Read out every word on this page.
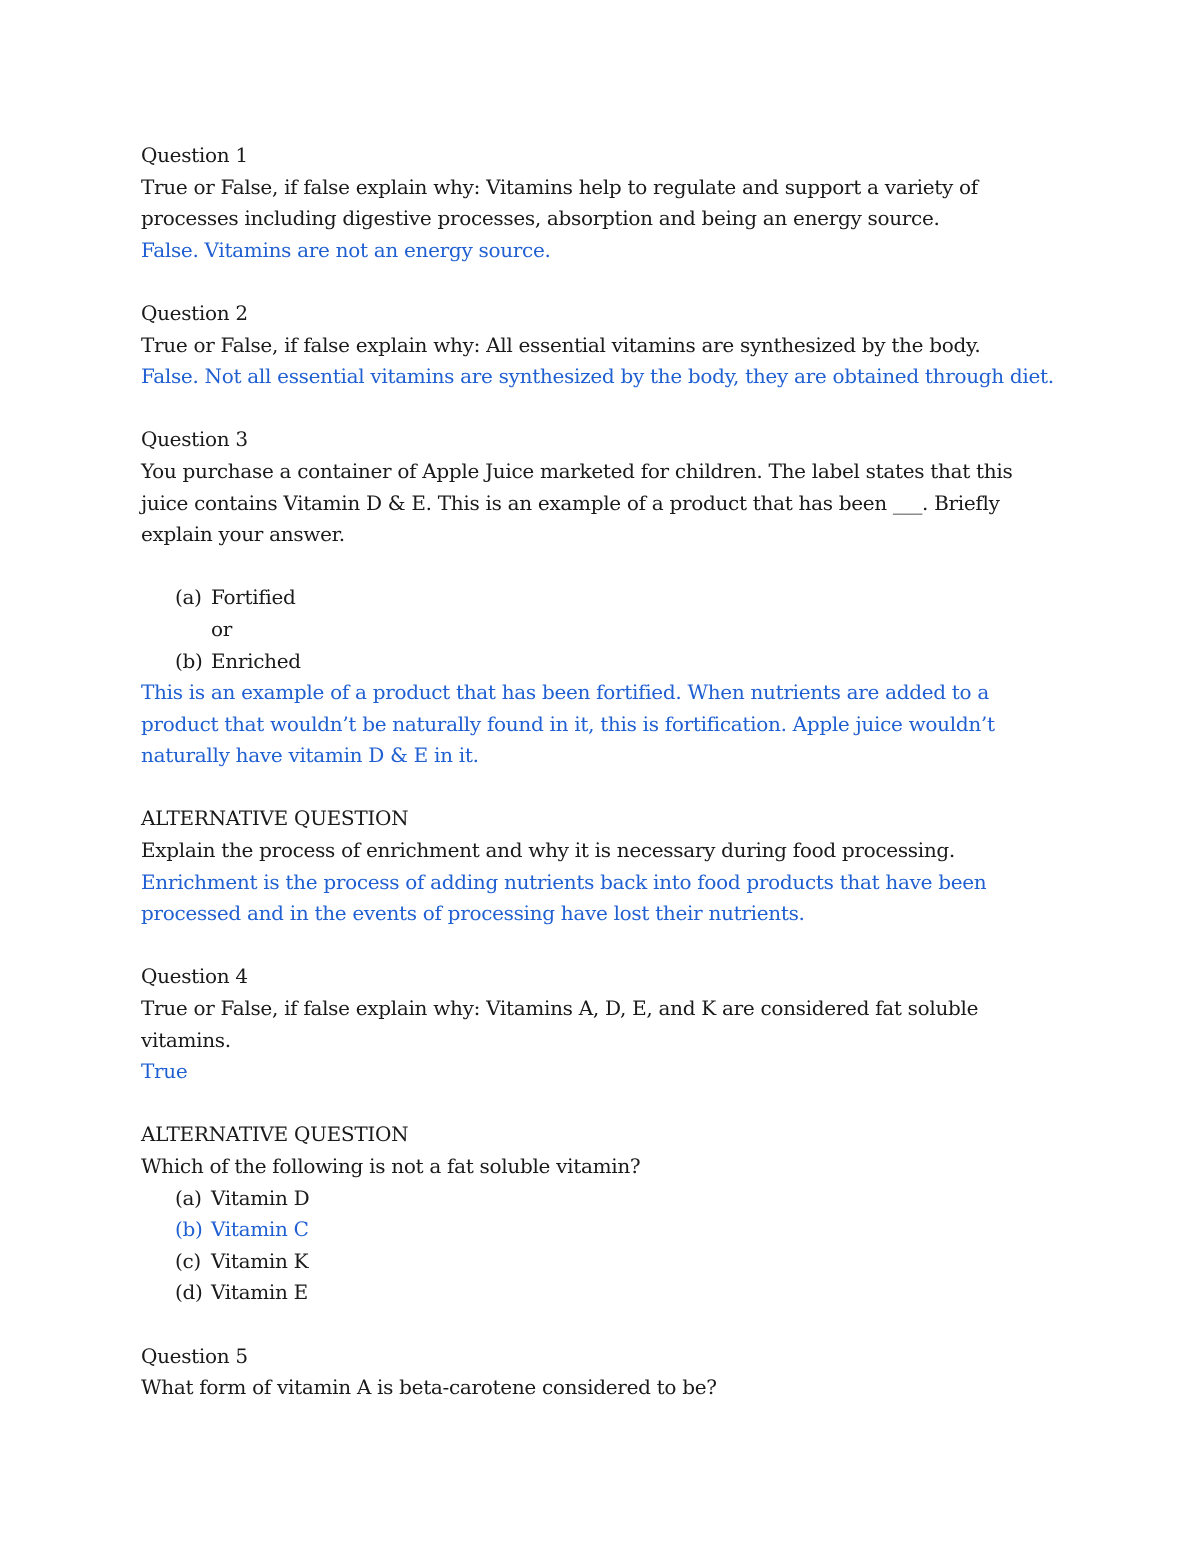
Question 1
True or False, if false explain why: Vitamins help to regulate and support a variety of
processes including digestive processes, absorption and being an energy source.
False. Vitamins are not an energy source.
Question 2
True or False, if false explain why: All essential vitamins are synthesized by the body.
False. Not all essential vitamins are synthesized by the body, they are obtained through diet.
Question 3
You purchase a container of Apple Juice marketed for children. The label states that this
juice contains Vitamin D & E. This is an example of a product that has been ___. Briefly
explain your answer.
(a) Fortified
or
(b) Enriched
This is an example of a product that has been fortified. When nutrients are added to a
product that wouldn’t be naturally found in it, this is fortification. Apple juice wouldn’t
naturally have vitamin D & E in it.
ALTERNATIVE QUESTION
Explain the process of enrichment and why it is necessary during food processing.
Enrichment is the process of adding nutrients back into food products that have been
processed and in the events of processing have lost their nutrients.
Question 4
True or False, if false explain why: Vitamins A, D, E, and K are considered fat soluble
vitamins.
True
ALTERNATIVE QUESTION
Which of the following is not a fat soluble vitamin?
(a) Vitamin D
(b) Vitamin C
(c) Vitamin K
(d) Vitamin E
Question 5
What form of vitamin A is beta-carotene considered to be?
